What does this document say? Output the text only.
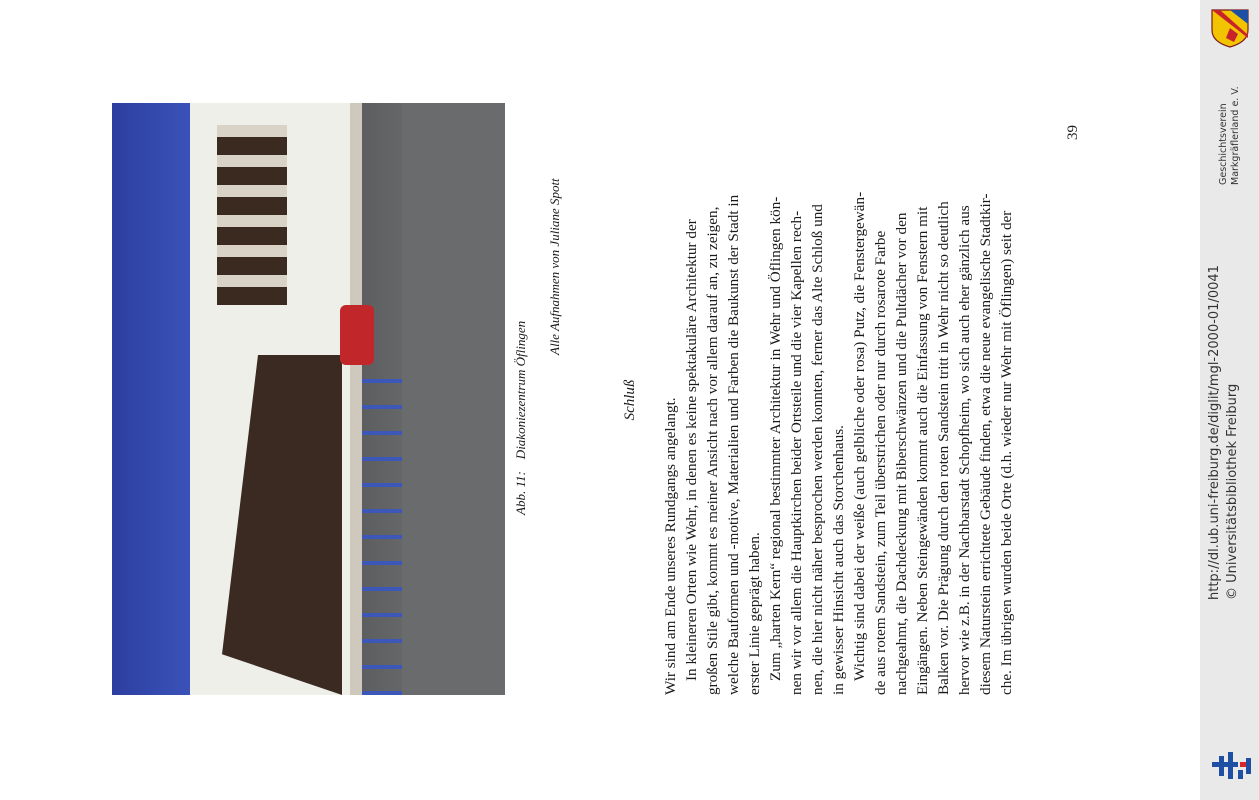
Abb. 11:Diakoniezentrum Öflingen
Alle Aufnahmen von Juliane Spott
Schluß Wir sind am Ende unseres Rundgangs angelangt. In kleineren Orten wie Wehr, in denen es keine spektakuläre Architektur der großen Stile gibt, kommt es meiner Ansicht nach vor allem darauf an, zu zeigen, welche Bauformen und -motive, Materialien und Farben die Baukunst der Stadt in erster Linie geprägt haben. Zum „harten Kern“ regional bestimmter Architektur in Wehr und Öflingen kön- nen wir vor allem die Hauptkirchen beider Ortsteile und die vier Kapellen rech- nen, die hier nicht näher besprochen werden konnten, ferner das Alte Schloß und in gewisser Hinsicht auch das Storchenhaus. Wichtig sind dabei der weiße (auch gelbliche oder rosa) Putz, die Fenstergewän- de aus rotem Sandstein, zum Teil überstrichen oder nur durch rosarote Farbe nachgeahmt, die Dachdeckung mit Biberschwänzen und die Pultdächer vor den Eingängen. Neben Steingewänden kommt auch die Einfassung von Fenstern mit Balken vor. Die Prägung durch den roten Sandstein tritt in Wehr nicht so deutlich hervor wie z.B. in der Nachbarstadt Schopfheim, wo sich auch eher gänzlich aus diesem Naturstein errichtete Gebäude finden, etwa die neue evangelische Stadtkir- che. Im übrigen wurden beide Orte (d.h. wieder nur Wehr mit Öflingen) seit der
39
http://dl.ub.uni-freiburg.de/diglit/mgl-2000-01/0041 © Universitätsbibliothek Freiburg
Geschichtsverein Markgräflerland e. V.
